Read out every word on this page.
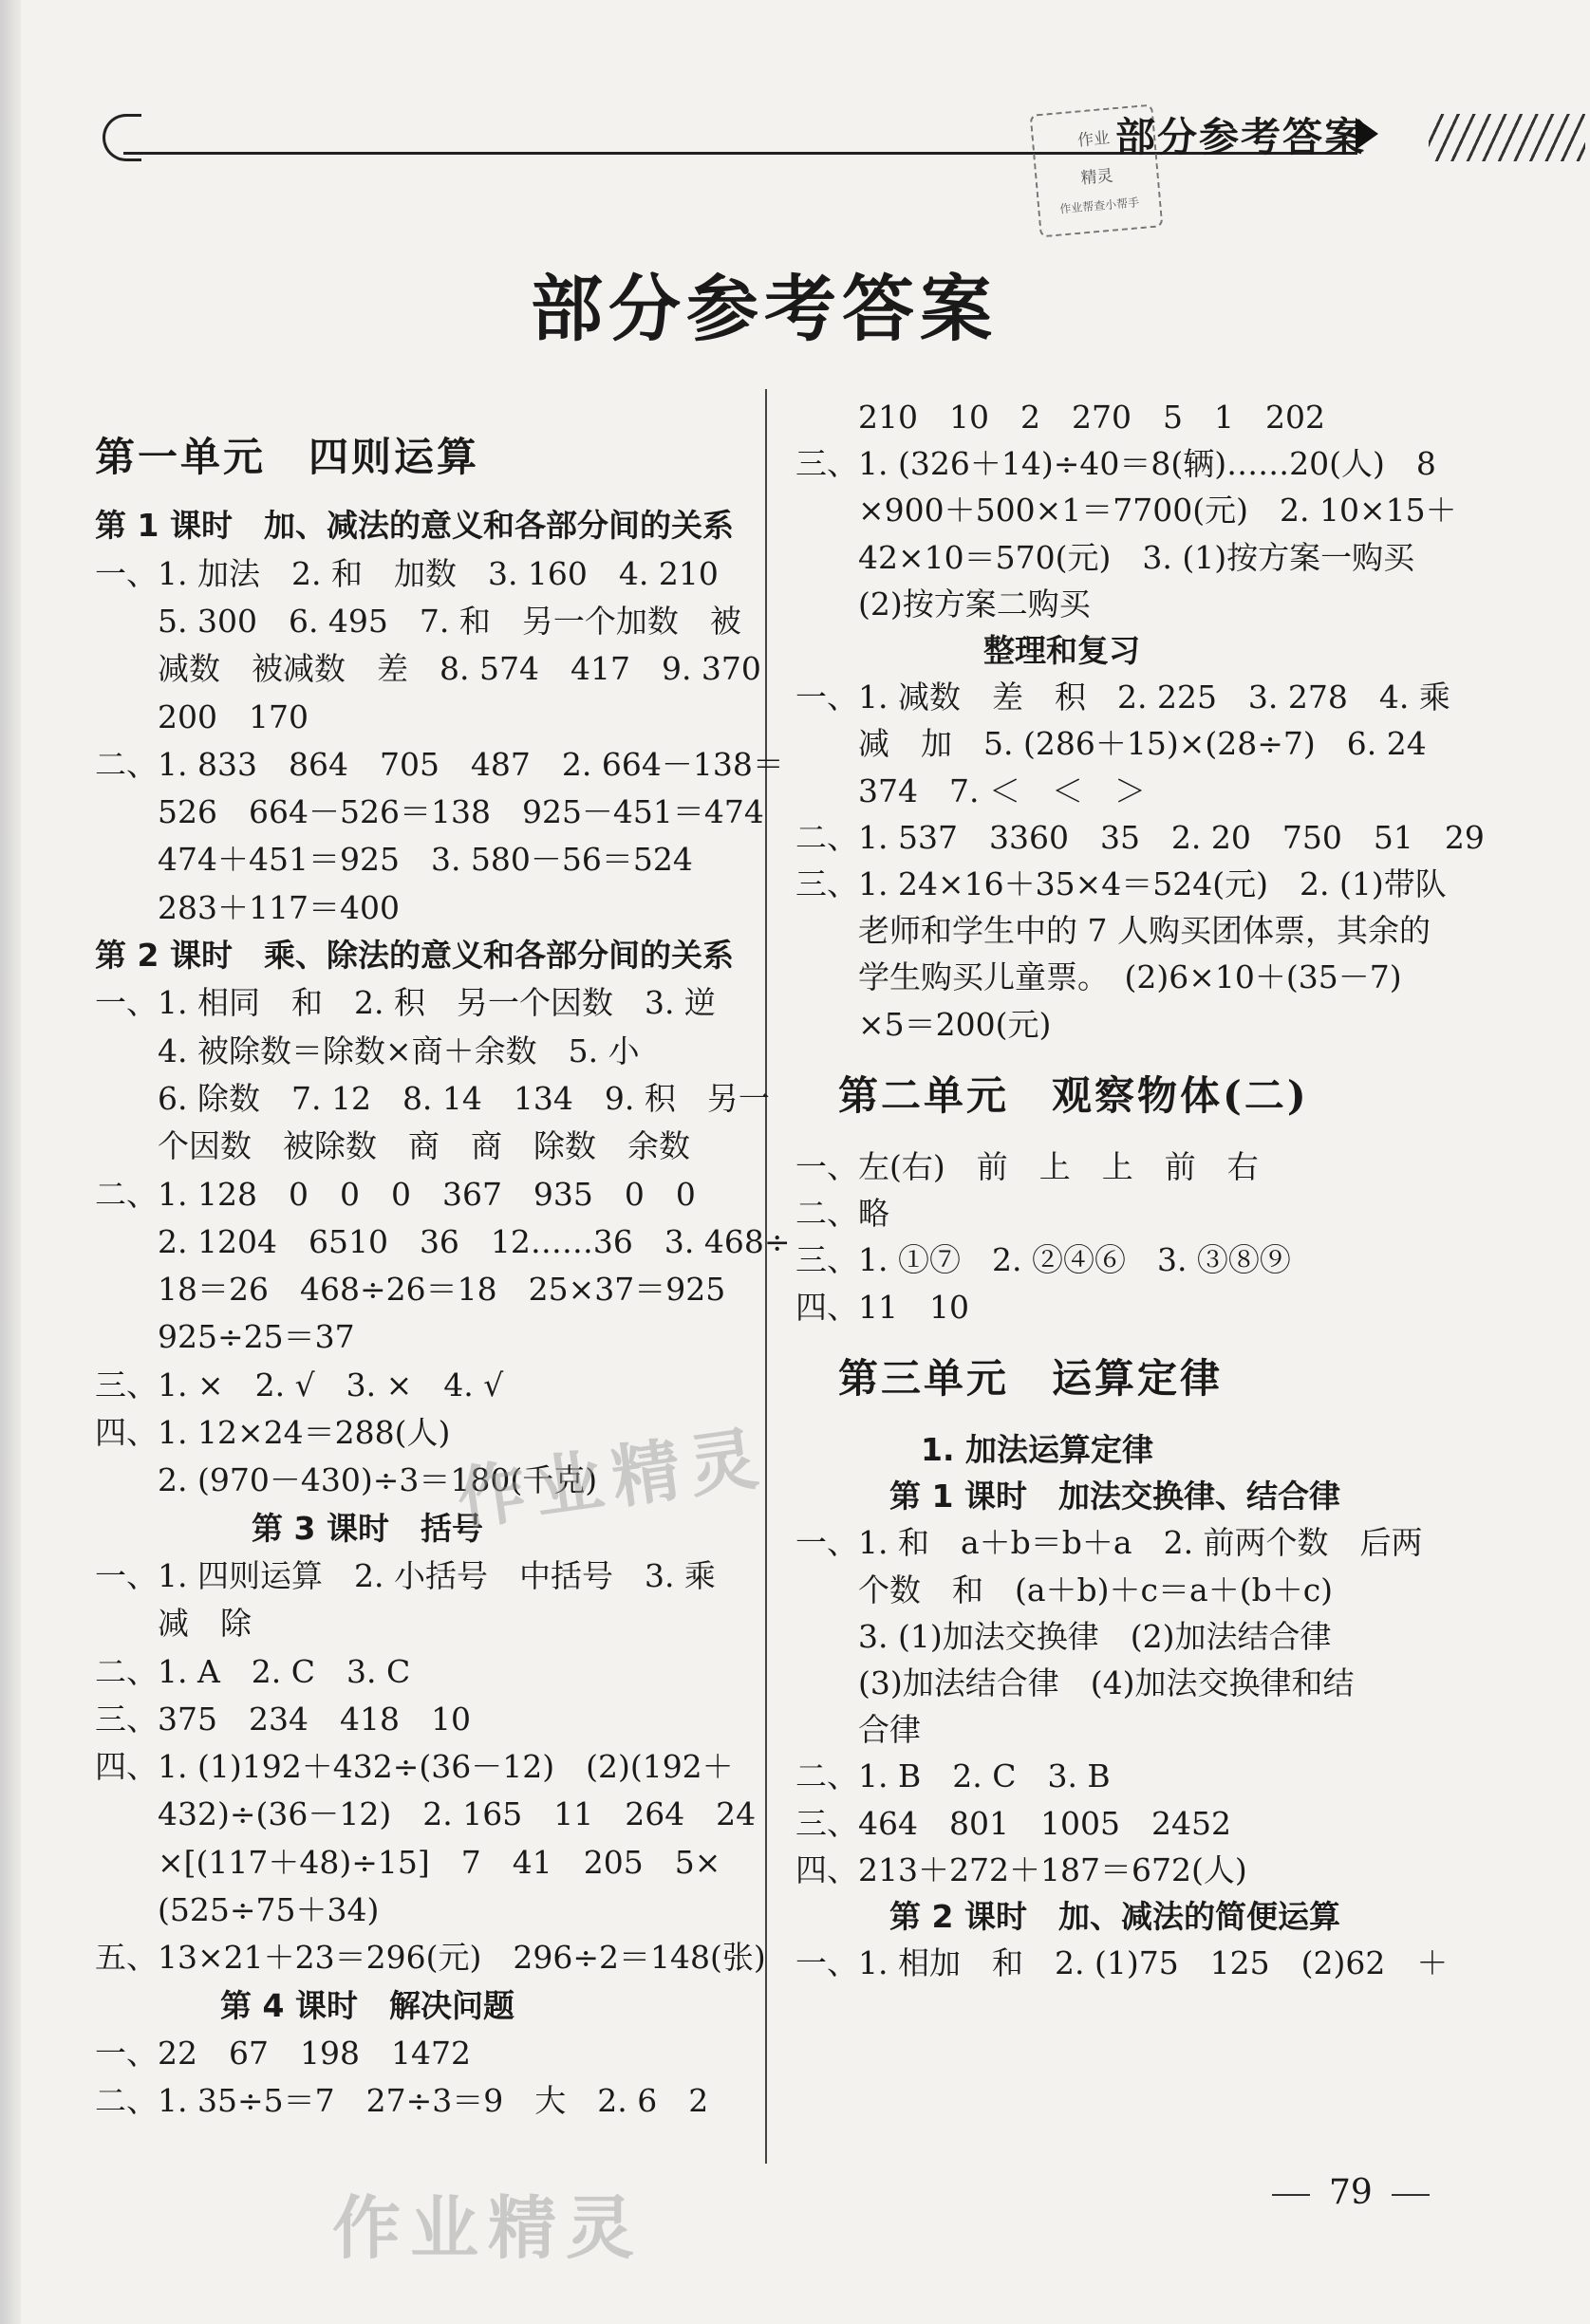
作业
精灵
作业帮查小帮手
部分参考答案
部分参考答案
第一单元　四则运算
第 1 课时　加、减法的意义和各部分间的关系
一、1. 加法　2. 和　加数　3. 160　4. 210
　　5. 300　6. 495　7. 和　另一个加数　被
　　减数　被减数　差　8. 574　417　9. 370
　　200　170
二、1. 833　864　705　487　2. 664－138＝
　　526　664－526＝138　925－451＝474
　　474＋451＝925　3. 580－56＝524
　　283＋117＝400
第 2 课时　乘、除法的意义和各部分间的关系
一、1. 相同　和　2. 积　另一个因数　3. 逆
　　4. 被除数＝除数×商＋余数　5. 小
　　6. 除数　7. 12　8. 14　134　9. 积　另一
　　个因数　被除数　商　商　除数　余数
二、1. 128　0　0　0　367　935　0　0
　　2. 1204　6510　36　12……36　3. 468÷
　　18＝26　468÷26＝18　25×37＝925
　　925÷25＝37
三、1. ×　2. √　3. ×　4. √
四、1. 12×24＝288(人)
　　2. (970－430)÷3＝180(千克)
　　　　　第 3 课时　括号
一、1. 四则运算　2. 小括号　中括号　3. 乘
　　减　除
二、1. A　2. C　3. C
三、375　234　418　10
四、1. (1)192＋432÷(36－12)　(2)(192＋
　　432)÷(36－12)　2. 165　11　264　24
　　×[(117＋48)÷15]　7　41　205　5×
　　(525÷75＋34)
五、13×21＋23＝296(元)　296÷2＝148(张)
　　　　第 4 课时　解决问题
一、22　67　198　1472
二、1. 35÷5＝7　27÷3＝9　大　2. 6　2
　　210　10　2　270　5　1　202
三、1. (326＋14)÷40＝8(辆)……20(人)　8
　　×900＋500×1＝7700(元)　2. 10×15＋
　　42×10＝570(元)　3. (1)按方案一购买
　　(2)按方案二购买
　　　　　　整理和复习
一、1. 减数　差　积　2. 225　3. 278　4. 乘
　　减　加　5. (286＋15)×(28÷7)　6. 24
　　374　7. ＜　＜　＞
二、1. 537　3360　35　2. 20　750　51　29
三、1. 24×16＋35×4＝524(元)　2. (1)带队
　　老师和学生中的 7 人购买团体票，其余的
　　学生购买儿童票。　(2)6×10＋(35－7)
　　×5＝200(元)
　第二单元　观察物体(二)
一、左(右)　前　上　上　前　右
二、略
三、1. ①⑦　2. ②④⑥　3. ③⑧⑨
四、11　10
　第三单元　运算定律
　　　　1. 加法运算定律
　　　第 1 课时　加法交换律、结合律
一、1. 和　a＋b＝b＋a　2. 前两个数　后两
　　个数　和　(a＋b)＋c＝a＋(b＋c)
　　3. (1)加法交换律　(2)加法结合律
　　(3)加法结合律　(4)加法交换律和结
　　合律
二、1. B　2. C　3. B
三、464　801　1005　2452
四、213＋272＋187＝672(人)
　　　第 2 课时　加、减法的简便运算
一、1. 相加　和　2. (1)75　125　(2)62　＋
作业精灵
作业精灵	79
